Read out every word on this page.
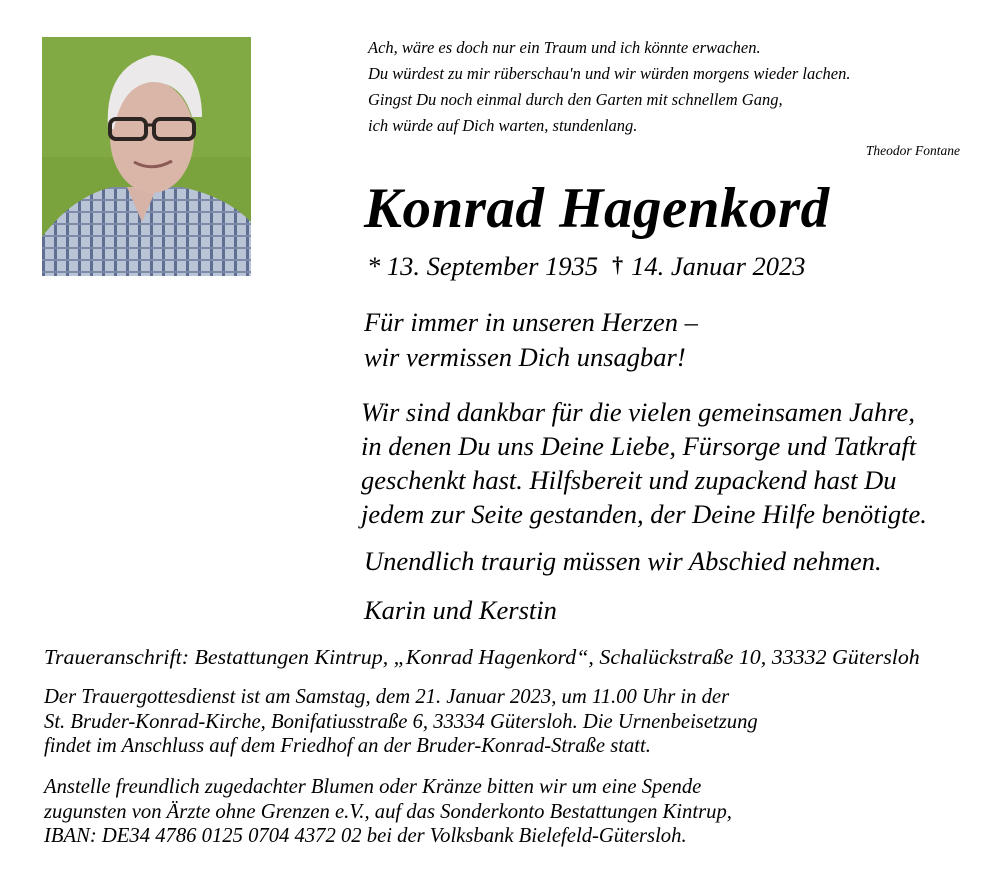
Ach, wäre es doch nur ein Traum und ich könnte erwachen.
Du würdest zu mir rüberschau'n und wir würden morgens wieder lachen.
Gingst Du noch einmal durch den Garten mit schnellem Gang,
ich würde auf Dich warten, stundenlang.
Theodor Fontane
Konrad Hagenkord
* 13. September 1935 † 14. Januar 2023
Für immer in unseren Herzen –
wir vermissen Dich unsagbar!
Wir sind dankbar für die vielen gemeinsamen Jahre,
in denen Du uns Deine Liebe, Fürsorge und Tatkraft
geschenkt hast. Hilfsbereit und zupackend hast Du
jedem zur Seite gestanden, der Deine Hilfe benötigte.
Unendlich traurig müssen wir Abschied nehmen.
Karin und Kerstin
Traueranschrift: Bestattungen Kintrup, „Konrad Hagenkord“, Schalückstraße 10, 33332 Gütersloh
Der Trauergottesdienst ist am Samstag, dem 21. Januar 2023, um 11.00 Uhr in der
St. Bruder-Konrad-Kirche, Bonifatiusstraße 6, 33334 Gütersloh. Die Urnenbeisetzung
findet im Anschluss auf dem Friedhof an der Bruder-Konrad-Straße statt.
Anstelle freundlich zugedachter Blumen oder Kränze bitten wir um eine Spende
zugunsten von Ärzte ohne Grenzen e.V., auf das Sonderkonto Bestattungen Kintrup,
IBAN: DE34 4786 0125 0704 4372 02 bei der Volksbank Bielefeld-Gütersloh.
